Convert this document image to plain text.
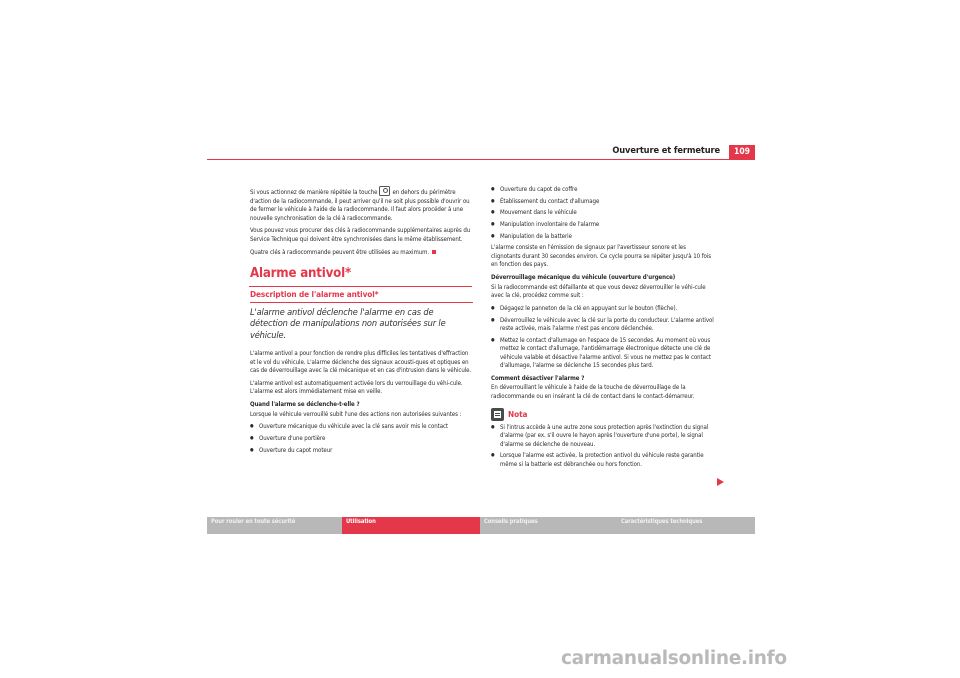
Ouverture et fermeture	109

Si vous actionnez de manière répétée la touche en dehors du périmètre d'action de la radiocommande, il peut arriver qu'il ne soit plus possible d'ouvrir ou de fermer le véhicule à l'aide de la radiocommande. Il faut alors procéder à une nouvelle synchronisation de la clé à radiocommande.

Vous pouvez vous procurer des clés à radiocommande supplémentaires auprès du Service Technique qui doivent être synchronisées dans le même établissement.

Quatre clés à radiocommande peuvent être utilisées au maximum.

Alarme antivol*
Description de l'alarme antivol*
L'alarme antivol déclenche l'alarme en cas de détection de manipulations non autorisées sur le véhicule.

L'alarme antivol a pour fonction de rendre plus difficiles les tentatives d'effraction et le vol du véhicule. L'alarme déclenche des signaux acousti-ques et optiques en cas de déverrouillage avec la clé mécanique et en cas d'intrusion dans le véhicule.

L'alarme antivol est automatiquement activée lors du verrouillage du véhi-cule. L'alarme est alors immédiatement mise en veille.

Quand l'alarme se déclenche-t-elle ?

Lorsque le véhicule verrouillé subit l'une des actions non autorisées suivantes :

● Ouverture mécanique du véhicule avec la clé sans avoir mis le contact
● Ouverture d'une portière
● Ouverture du capot moteur
● Ouverture du capot de coffre
● Établissement du contact d'allumage
● Mouvement dans le véhicule
● Manipulation involontaire de l'alarme
● Manipulation de la batterie

L'alarme consiste en l'émission de signaux par l'avertisseur sonore et les clignotants durant 30 secondes environ. Ce cycle pourra se répéter jusqu'à 10 fois en fonction des pays.

Déverrouillage mécanique du véhicule (ouverture d'urgence)

Si la radiocommande est défaillante et que vous devez déverrouiller le véhi-cule avec la clé, procédez comme suit :

● Dégagez le panneton de la clé en appuyant sur le bouton (flèche).
● Déverrouillez le véhicule avec la clé sur la porte du conducteur. L'alarme antivol reste activée, mais l'alarme n'est pas encore déclenchée.
● Mettez le contact d'allumage en l'espace de 15 secondes. Au moment où vous mettez le contact d'allumage, l'antidémarrage électronique détecte une clé de véhicule valable et désactive l'alarme antivol. Si vous ne mettez pas le contact d'allumage, l'alarme se déclenche 15 secondes plus tard.

Comment désactiver l'alarme ?

En déverrouillant le véhicule à l'aide de la touche de déverrouillage de la radiocommande ou en insérant la clé de contact dans le contact-démarreur.

Nota
● Si l'intrus accède à une autre zone sous protection après l'extinction du signal d'alarme (par ex. s'il ouvre le hayon après l'ouverture d'une porte), le signal d'alarme se déclenche de nouveau.
● Lorsque l'alarme est activée, la protection antivol du véhicule reste garantie même si la batterie est débranchée ou hors fonction.
Pour rouler en toute sécurité	Utilisation	Conseils pratiques	Caractéristiques techniques
carmanualsonline.info
